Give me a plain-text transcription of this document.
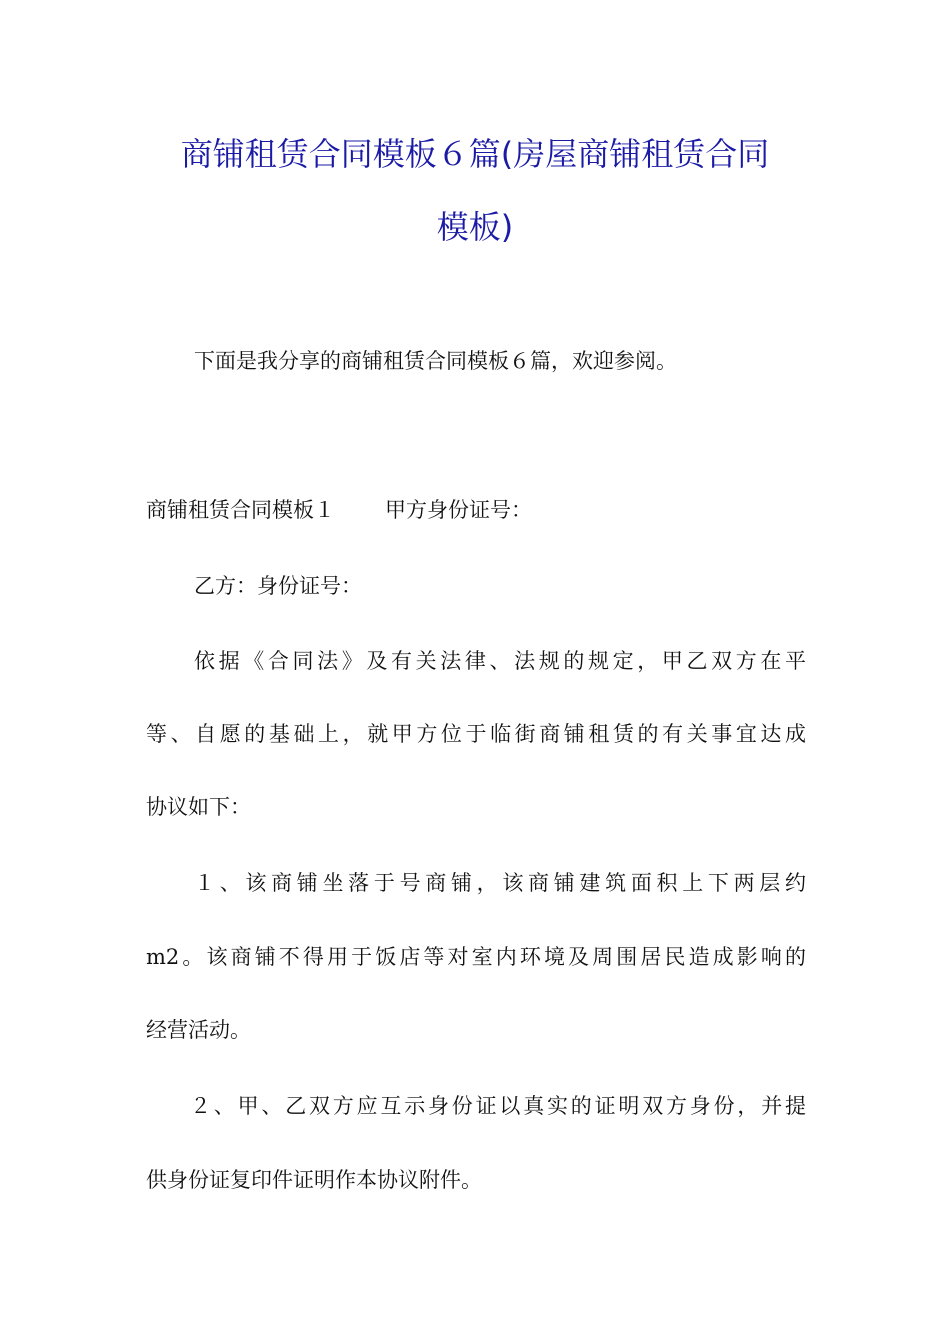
商铺租赁合同模板６篇(房屋商铺租赁合同
模板)
下面是我分享的商铺租赁合同模板６篇，欢迎参阅。
商铺租赁合同模板１ 甲方身份证号：
乙方：身份证号：
依据《合同法》及有关法律、法规的规定，甲乙双方在平
等、自愿的基础上，就甲方位于临街商铺租赁的有关事宜达成
协议如下：
１、该商铺坐落于号商铺，该商铺建筑面积上下两层约
m2。该商铺不得用于饭店等对室内环境及周围居民造成影响的
经营活动。
２、甲、乙双方应互示身份证以真实的证明双方身份，并提
供身份证复印件证明作本协议附件。
